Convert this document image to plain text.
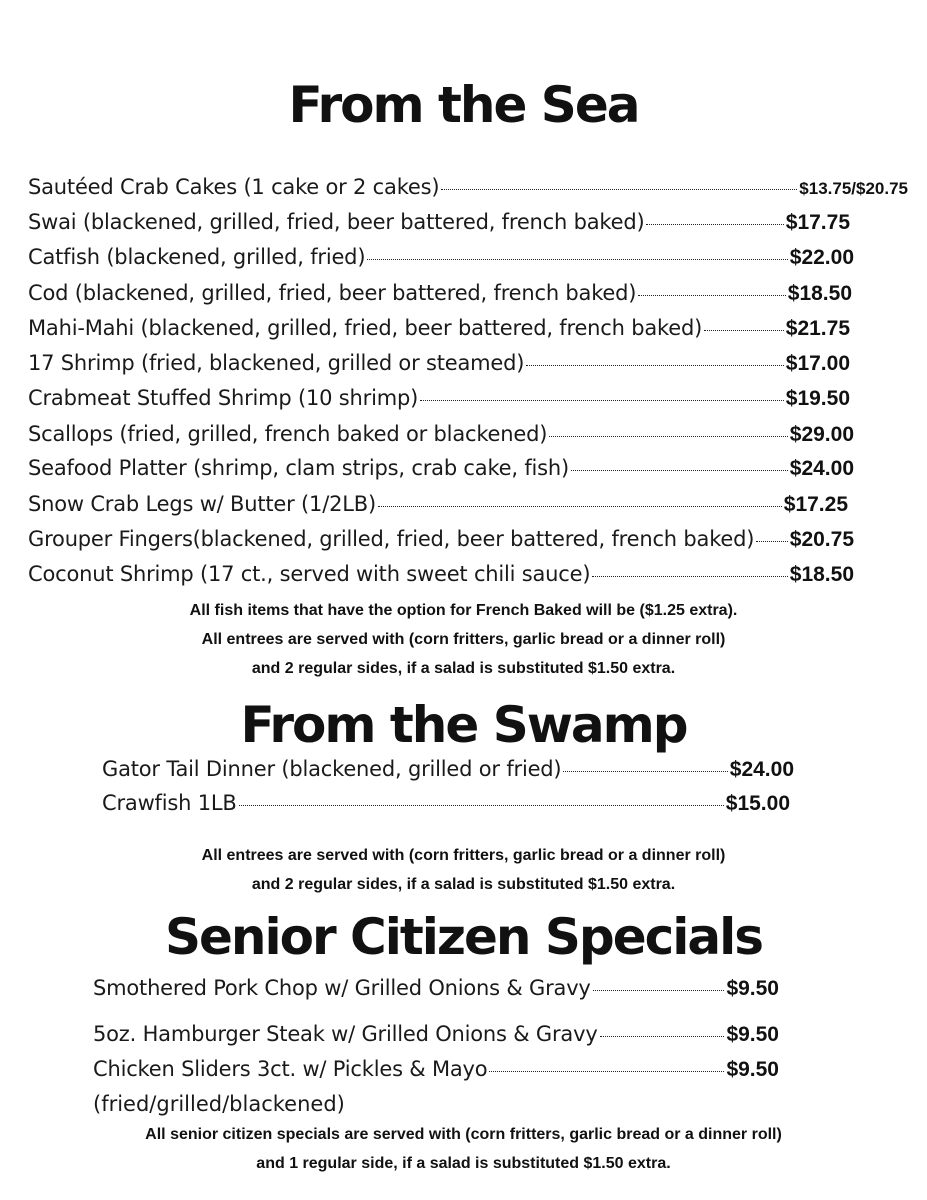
From the Sea
Sautéed Crab Cakes (1 cake or 2 cakes)	$13.75/$20.75
Swai (blackened, grilled, fried, beer battered, french baked)	$17.75
Catfish (blackened, grilled, fried)	$22.00
Cod (blackened, grilled, fried, beer battered, french baked)	$18.50
Mahi-Mahi (blackened, grilled, fried, beer battered, french baked)	$21.75
17 Shrimp (fried, blackened, grilled or steamed)	$17.00
Crabmeat Stuffed Shrimp (10 shrimp)	$19.50
Scallops (fried, grilled, french baked or blackened)	$29.00
Seafood Platter (shrimp, clam strips, crab cake, fish)	$24.00
Snow Crab Legs w/ Butter (1/2LB)	$17.25
Grouper Fingers(blackened, grilled, fried, beer battered, french baked) $20.75
Coconut Shrimp (17 ct., served with sweet chili sauce)	$18.50
All fish items that have the option for French Baked will be ($1.25 extra).
All entrees are served with (corn fritters, garlic bread or a dinner roll)
and 2 regular sides, if a salad is substituted $1.50 extra.
From the Swamp
Gator Tail Dinner (blackened, grilled or fried)	$24.00
Crawfish 1LB	$15.00
All entrees are served with (corn fritters, garlic bread or a dinner roll)
and 2 regular sides, if a salad is substituted $1.50 extra.
Senior Citizen Specials
Smothered Pork Chop w/ Grilled Onions & Gravy	$9.50
5oz. Hamburger Steak w/ Grilled Onions & Gravy	$9.50
Chicken Sliders 3ct. w/ Pickles & Mayo	$9.50
(fried/grilled/blackened)
All senior citizen specials are served with (corn fritters, garlic bread or a dinner roll)
and 1 regular side, if a salad is substituted $1.50 extra.
